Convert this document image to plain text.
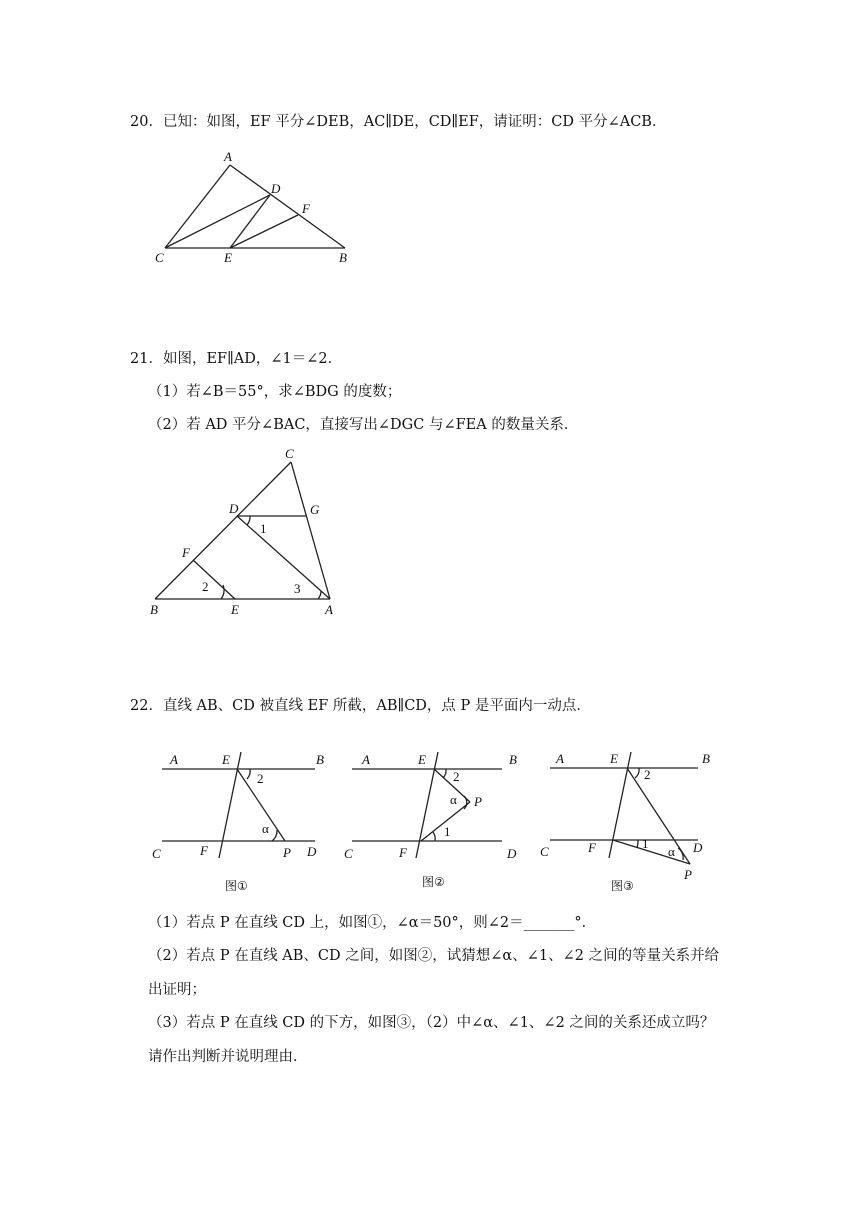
20．已知：如图，EF 平分∠DEB，AC∥DE，CD∥EF，请证明：CD 平分∠ACB．
A
D
F
C	E	B
21．如图，EF∥AD，∠1＝∠2．
（1）若∠B＝55°，求∠BDG 的度数；
（2）若 AD 平分∠BAC，直接写出∠DGC 与∠FEA 的数量关系．
C
D	G
1
F
2	3
B	E	A
22．直线 AB、CD 被直线 EF 所截，AB∥CD，点 P 是平面内一动点．
A	E	B
2
α
C	F	P D
图①
A	E	B
2
α P
1
C	F	D
图②
A	E	B
2
C	F	1
α D
P
图③
（1）若点 P 在直线 CD 上，如图①，∠α＝50°，则∠2＝_______°．
（2）若点 P 在直线 AB、CD 之间，如图②，试猜想∠α、∠1、∠2 之间的等量关系并给
出证明；
（3）若点 P 在直线 CD 的下方，如图③，（2）中∠α、∠1、∠2 之间的关系还成立吗？
请作出判断并说明理由．
